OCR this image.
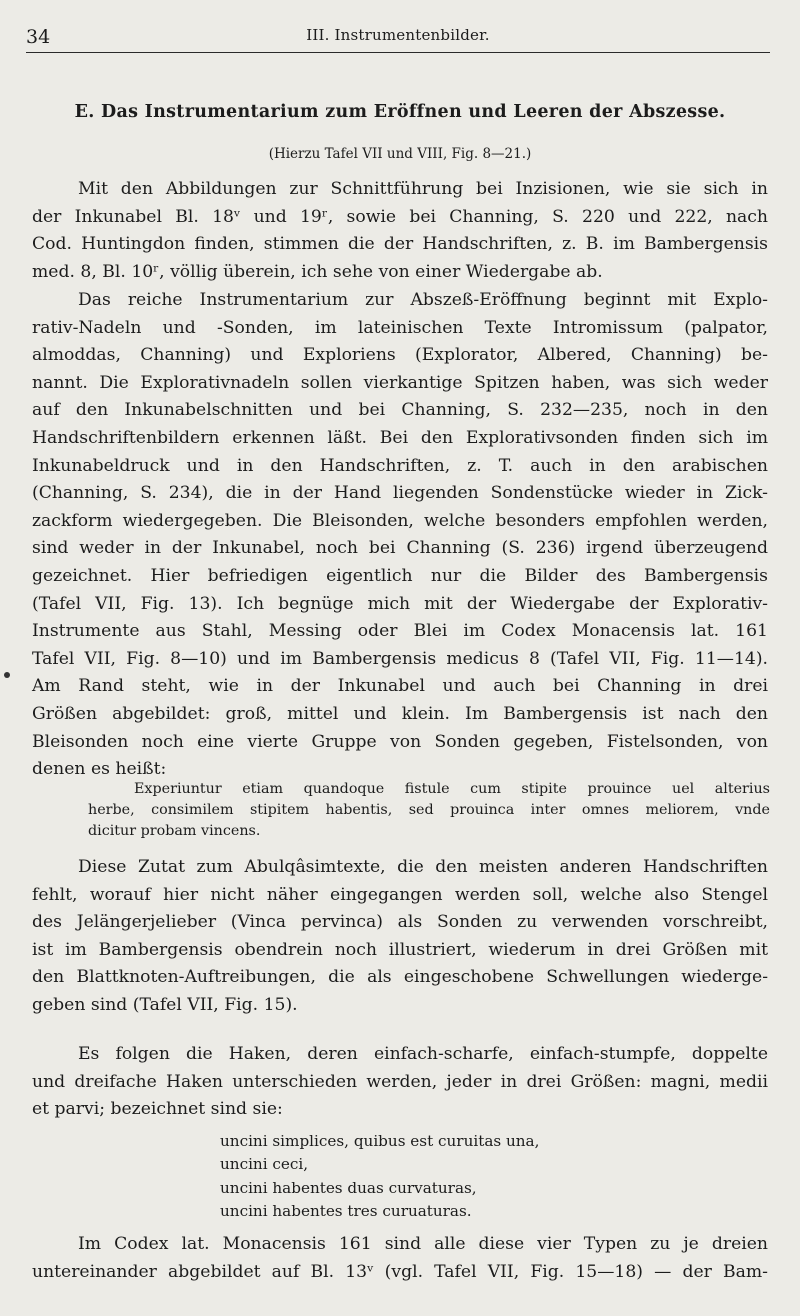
34	III. Instrumentenbilder.
E. Das Instrumentarium zum Eröffnen und Leeren der Abszesse.
(Hierzu Tafel VII und VIII, Fig. 8—21.)
Mit den Abbildungen zur Schnittführung bei Inzisionen, wie sie sich in
der Inkunabel Bl. 18ᵛ und 19ʳ, sowie bei Channing, S. 220 und 222, nach
Cod. Huntingdon finden, stimmen die der Handschriften, z. B. im Bambergensis
med. 8, Bl. 10ʳ, völlig überein, ich sehe von einer Wiedergabe ab.
Das reiche Instrumentarium zur Abszeß-Eröffnung beginnt mit Explo-
rativ-Nadeln und -Sonden, im lateinischen Texte Intromissum (palpator,
almoddas, Channing) und Exploriens (Explorator, Albered, Channing) be-
nannt. Die Explorativnadeln sollen vierkantige Spitzen haben, was sich weder
auf den Inkunabelschnitten und bei Channing, S. 232—235, noch in den
Handschriftenbildern erkennen läßt. Bei den Explorativsonden finden sich im
Inkunabeldruck und in den Handschriften, z. T. auch in den arabischen
(Channing, S. 234), die in der Hand liegenden Sondenstücke wieder in Zick-
zackform wiedergegeben. Die Bleisonden, welche besonders empfohlen werden,
sind weder in der Inkunabel, noch bei Channing (S. 236) irgend überzeugend
gezeichnet. Hier befriedigen eigentlich nur die Bilder des Bambergensis
(Tafel VII, Fig. 13). Ich begnüge mich mit der Wiedergabe der Explorativ-
Instrumente aus Stahl, Messing oder Blei im Codex Monacensis lat. 161
Tafel VII, Fig. 8—10) und im Bambergensis medicus 8 (Tafel VII, Fig. 11—14).
Am Rand steht, wie in der Inkunabel und auch bei Channing in drei
Größen abgebildet: groß, mittel und klein. Im Bambergensis ist nach den
Bleisonden noch eine vierte Gruppe von Sonden gegeben, Fistelsonden, von
denen es heißt:
Experiuntur etiam quandoque fistule cum stipite prouince uel alterius
herbe, consimilem stipitem habentis, sed prouinca inter omnes meliorem, vnde
dicitur probam vincens.
Diese Zutat zum Abulqâsimtexte, die den meisten anderen Handschriften
fehlt, worauf hier nicht näher eingegangen werden soll, welche also Stengel
des Jelängerjelieber (Vinca pervinca) als Sonden zu verwenden vorschreibt,
ist im Bambergensis obendrein noch illustriert, wiederum in drei Größen mit
den Blattknoten-Auftreibungen, die als eingeschobene Schwellungen wiederge-
geben sind (Tafel VII, Fig. 15).
Es folgen die Haken, deren einfach-scharfe, einfach-stumpfe, doppelte
und dreifache Haken unterschieden werden, jeder in drei Größen: magni, medii
et parvi; bezeichnet sind sie:
uncini simplices, quibus est curuitas una,
uncini ceci,
uncini habentes duas curvaturas,
uncini habentes tres curuaturas.
Im Codex lat. Monacensis 161 sind alle diese vier Typen zu je dreien
untereinander abgebildet auf Bl. 13ᵛ (vgl. Tafel VII, Fig. 15—18) — der Bam-
